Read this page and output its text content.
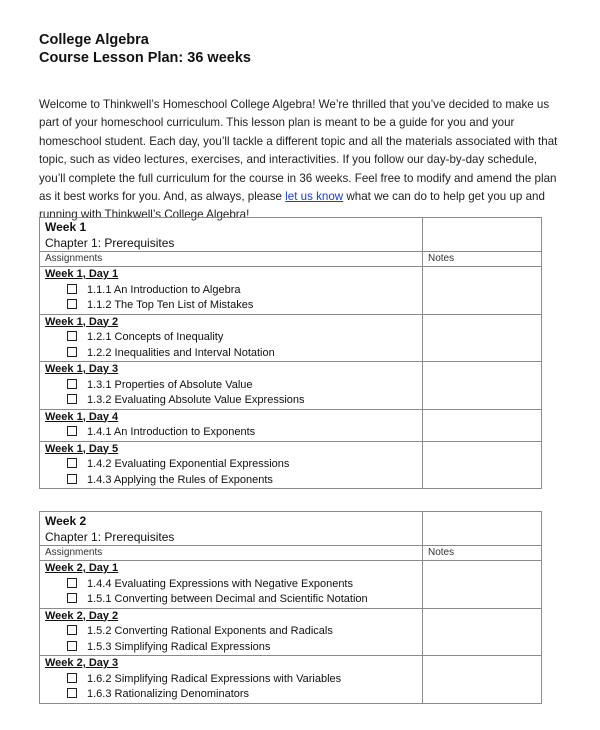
College Algebra
Course Lesson Plan: 36 weeks
Welcome to Thinkwell’s Homeschool College Algebra! We’re thrilled that you’ve decided to make us part of your homeschool curriculum. This lesson plan is meant to be a guide for you and your homeschool student. Each day, you’ll tackle a different topic and all the materials associated with that topic, such as video lectures, exercises, and interactivities. If you follow our day-by-day schedule, you’ll complete the full curriculum for the course in 36 weeks. Feel free to modify and amend the plan as it best works for you. And, as always, please let us know what we can do to help get you up and running with Thinkwell’s College Algebra!
Week 1
Chapter 1: Prerequisites	

Assignments	Notes

Week 1, Day 1
1.1.1 An Introduction to Algebra
1.1.2 The Top Ten List of Mistakes	

Week 1, Day 2
1.2.1 Concepts of Inequality
1.2.2 Inequalities and Interval Notation	

Week 1, Day 3
1.3.1 Properties of Absolute Value
1.3.2 Evaluating Absolute Value Expressions	

Week 1, Day 4
1.4.1 An Introduction to Exponents	

Week 1, Day 5
1.4.2 Evaluating Exponential Expressions
1.4.3 Applying the Rules of Exponents	

Week 2
Chapter 1: Prerequisites	

Assignments	Notes

Week 2, Day 1
1.4.4 Evaluating Expressions with Negative Exponents
1.5.1 Converting between Decimal and Scientific Notation	

Week 2, Day 2
1.5.2 Converting Rational Exponents and Radicals
1.5.3 Simplifying Radical Expressions	

Week 2, Day 3
1.6.2 Simplifying Radical Expressions with Variables
1.6.3 Rationalizing Denominators	
